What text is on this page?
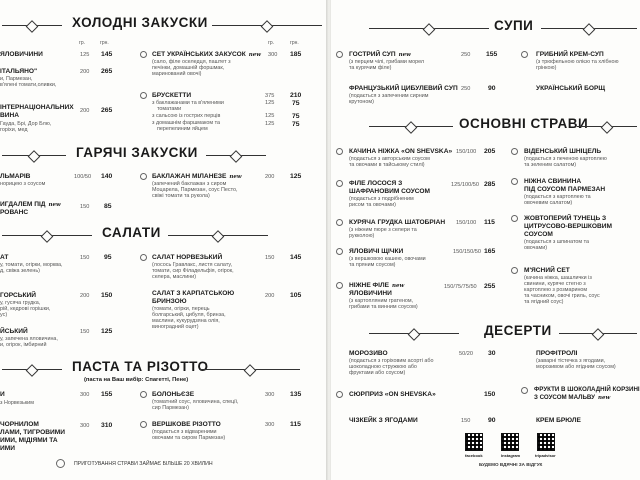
ХОЛОДНІ ЗАКУСКИ
гр.	грн.	гр.	грн.
ЯЛОВИЧИНИ	125 145
ІТАЛЬЯНО"
и, Пармезан,
в'ялені томати,оливки,
200 265
ІНТЕРНАЦІОНАЛЬНИХ
ВИНА
Гауда, Брі, Дор Блю,
горіхи, мед
200 265
СЕТ УКРАЇНСЬКИХ ЗАКУСОК new
(сало, філе оселедця, паштет з
печінки, домашній форшмак,
маринований овочі)
300 185
БРУСКЕТТИ	375 210
з баклажанами та в'яленими
томатами
125	75
з сальсою із гострих перців	125	75
з домашнім фаршмаком та
перепелиним яйцем
125	75
ГАРЯЧІ ЗАКУСКИ
ЛЬМАРІВ
норицею з соусом
100/50 140
ИГДАЛЕМ ПІД new
РОВАНС
150 85
БАКЛАЖАН МІЛАНЕЗЕ new
(запечений баклажан з сиром
Моцарела, Пармезан, соус Песто,
свіжі томати та рукола)
200 125
САЛАТИ
АТ
у, томати, огірки, морква,
д, свіжа зелень)
150 95
ГОРСЬКИЙ
у, гусяча грудка,
рій, кедрові горішки,
ус)
200 150
ЙСЬКИЙ
у, запечена яловичина,
и, огірок, імбирний
150 125
САЛАТ НОРВЕЗЬКИЙ
(лосось Гравлакс, листя салату,
томати, сир Філадельфія, огірок,
селера, маслини)
150 145
САЛАТ З КАРПАТСЬКОЮ
БРИНЗОЮ
(томати, огірки, перець
болгарський, цибуля, бринза,
маслини, кукурудзяна олія,
виноградний оцет)
200 105
ПАСТА ТА РІЗОТТО
(паста на Ваш вибір: Спагетті, Пене)
И
з Норвезьким
300 155
ЧОРНИЛОМ
ЛАМИ, ТИГРОВИМИ
ИМИ, МІДІЯМИ ТА
ИМИ
300 310
БОЛОНЬЄЗЕ
(томатний соус, яловичина, спеції,
сир Пармезан)
300 135
ВЕРШКОВЕ РІЗОТТО
(подається з відвареними
овочами та сиром Пармезан)
300 115
ПРИГОТУВАННЯ СТРАВИ ЗАЙМАЄ БІЛЬШЕ 20 ХВИЛИН
СУПИ
ГОСТРИЙ СУП new
(з перцем чілі, грибами морел
та курячим філе)
250 155
ФРАНЦУЗЬКИЙ ЦИБУЛЕВИЙ СУП
(подається з запеченим сирним
крутоном)
250	90
ГРИБНИЙ КРЕМ-СУП
(з трюфельною олією та хлібною
грінкою)
УКРАЇНСЬКИЙ БОРЩ
ОСНОВНІ СТРАВИ
КАЧИНА НІЖКА «ON SHEVSKA»
(подається з авторським соусом
та овочами в тайському стилі)
150/100 205
ФІЛЕ ЛОСОСЯ З
ШАФРАНОВИМ СОУСОМ
(подається з подрібненим
рисом та овочами)
125/100/50 285
КУРЯЧА ГРУДКА ШАТОБРІАН
(з ніжним пюре з селери та
рукколою)
150/100 115
ЯЛОВИЧІ ЩІЧКИ
(з вершковою кашею, овочами
та пряним соусом)
150/150/50 165
НІЖНЕ ФІЛЕ new
ЯЛОВИЧИНИ
(з картопляним гратеном,
грибами та винним соусом)
150/75/75/50 255
ВІДЕНСЬКИЙ ШНІЦЕЛЬ
(подається з печеною картоплею
та зеленим салатом)
НІЖНА СВИНИНА
ПІД СОУСОМ ПАРМЕЗАН
(подається з картоплею та
овочевим салатом)
ЖОВТОПЕРИЙ ТУНЕЦЬ З
ЦИТРУСОВО-ВЕРШКОВИМ
СОУСОМ
(подається з шпинатом та
овочами)
М'ЯСНИЙ СЕТ
(качина ніжка, шашлички із
свинини, куряче стегно з
картоплею з розмарином
та часником, овочі гриль, соус
та ягідний соус)
ДЕСЕРТИ
МОРОЗИВО
(подається з горіховим асорті або
шоколадною стружкою або
фруктами або соусом)
50/20 30
СЮРПРИЗ «ON SHEVSKA»	150
ЧІЗКЕЙК З ЯГОДАМИ	150	90
ПРОФІТРОЛІ
(заварні тістечка з ягодами,
морозивом або ягідним соусом)
ФРУКТИ В ШОКОЛАДНІЙ КОРЗИНІ
З СОУСОМ МАЛЬВУ new
КРЕМ БРЮЛЕ
facebook	Instagram	tripadvisor
БУДЕМО ВДЯЧНІ ЗА ВІДГУК
